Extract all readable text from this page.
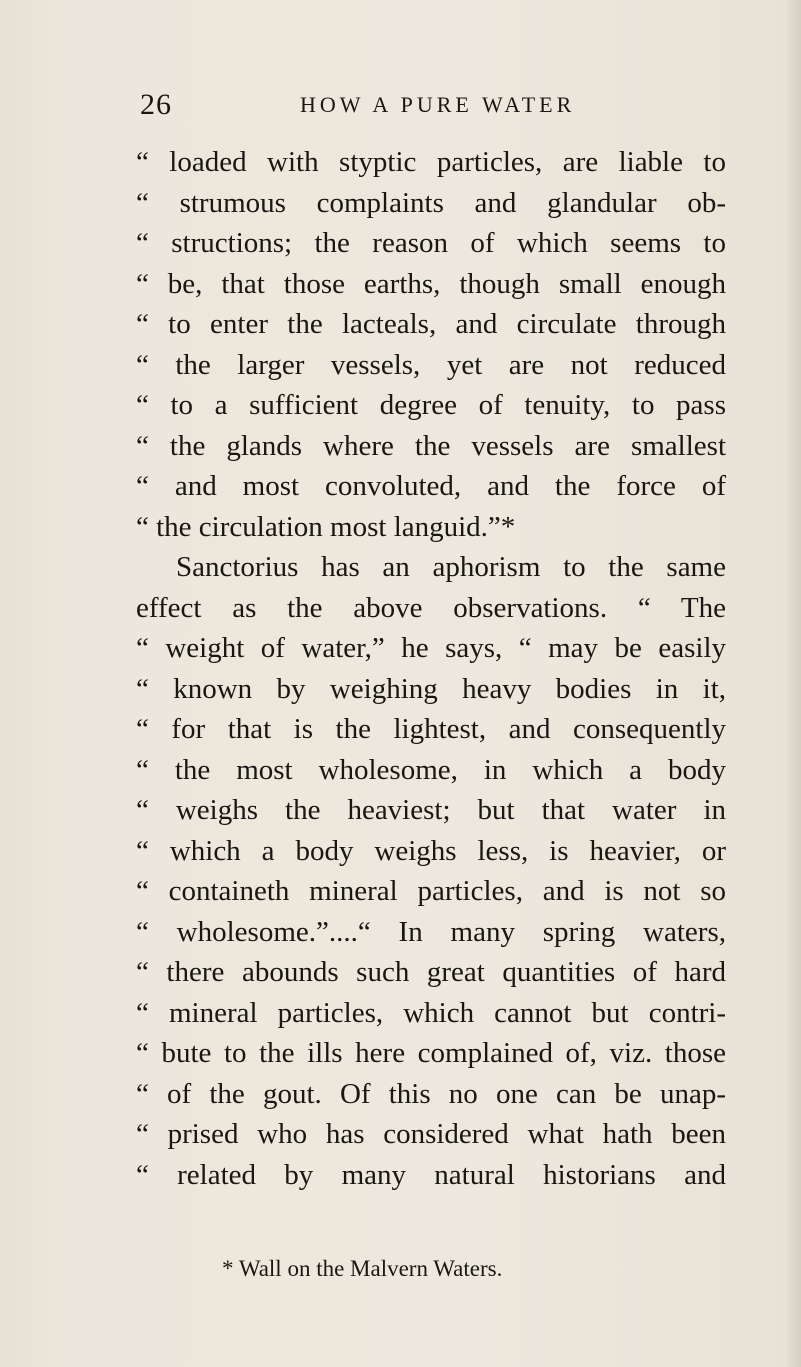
26	HOW A PURE WATER
“ loaded with styptic particles, are liable to
“ strumous complaints and glandular ob-
“ structions; the reason of which seems to
“ be, that those earths, though small enough
“ to enter the lacteals, and circulate through
“ the larger vessels, yet are not reduced
“ to a sufficient degree of tenuity, to pass
“ the glands where the vessels are smallest
“ and most convoluted, and the force of
“ the circulation most languid.”*
Sanctorius has an aphorism to the same
effect as the above observations. “ The
“ weight of water,” he says, “ may be easily
“ known by weighing heavy bodies in it,
“ for that is the lightest, and consequently
“ the most wholesome, in which a body
“ weighs the heaviest; but that water in
“ which a body weighs less, is heavier, or
“ containeth mineral particles, and is not so
“ wholesome.”....“ In many spring waters,
“ there abounds such great quantities of hard
“ mineral particles, which cannot but contri-
“ bute to the ills here complained of, viz. those
“ of the gout. Of this no one can be unap-
“ prised who has considered what hath been
“ related by many natural historians and
* Wall on the Malvern Waters.
